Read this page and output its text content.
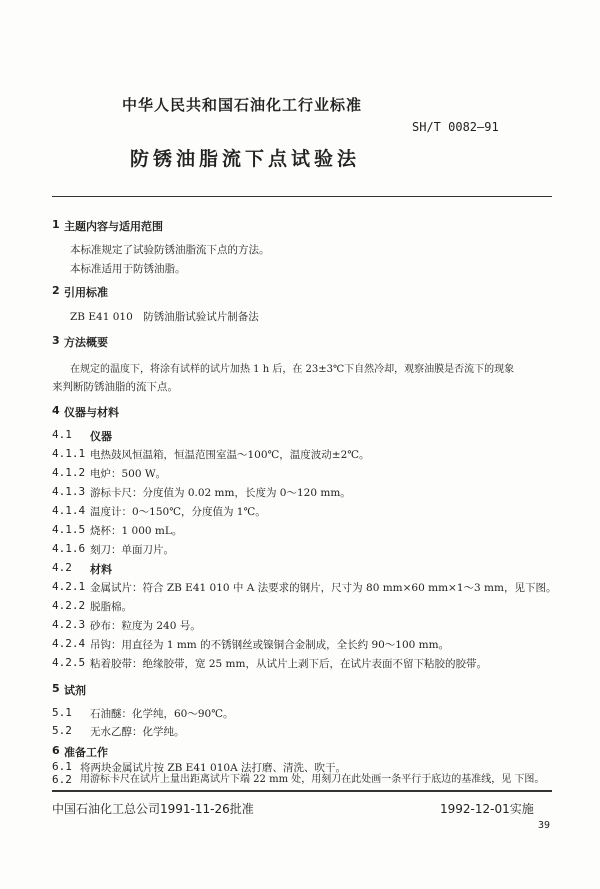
中华人民共和国石油化工行业标准
SH/T 0082—91
防锈油脂流下点试验法
1 主题内容与适用范围
本标准规定了试验防锈油脂流下点的方法。
本标准适用于防锈油脂。
2 引用标准
ZB E41 010　防锈油脂试验试片制备法
3 方法概要
在规定的温度下，将涂有试样的试片加热 1 h 后，在 23±3℃下自然冷却，观察油膜是否流下的现象
来判断防锈油脂的流下点。
4 仪器与材料
4.1 仪器
4.1.1 电热鼓风恒温箱，恒温范围室温～100℃，温度波动±2℃。
4.1.2 电炉：500 W。
4.1.3 游标卡尺：分度值为 0.02 mm，长度为 0～120 mm。
4.1.4 温度计：0～150℃，分度值为 1℃。
4.1.5 烧杯：1 000 mL。
4.1.6 刻刀：单面刀片。
4.2 材料
4.2.1 金属试片：符合 ZB E41 010 中 A 法要求的钢片，尺寸为 80 mm×60 mm×1～3 mm，见下图。
4.2.2 脱脂棉。
4.2.3 砂布：粒度为 240 号。
4.2.4 吊钩：用直径为 1 mm 的不锈钢丝或镍铜合金制成，全长约 90～100 mm。
4.2.5 粘着胶带：绝缘胶带，宽 25 mm，从试片上剥下后，在试片表面不留下粘胶的胶带。
5 试剂
5.1 石油醚：化学纯，60～90℃。
5.2 无水乙醇：化学纯。
6 准备工作
6.1 将两块金属试片按 ZB E41 010A 法打磨、清洗、吹干。
6.2 用游标卡尺在试片上量出距离试片下端 22 mm 处，用刻刀在此处画一条平行于底边的基准线，见 下图。
中国石油化工总公司1991-11-26批准	1992-12-01实施
39
